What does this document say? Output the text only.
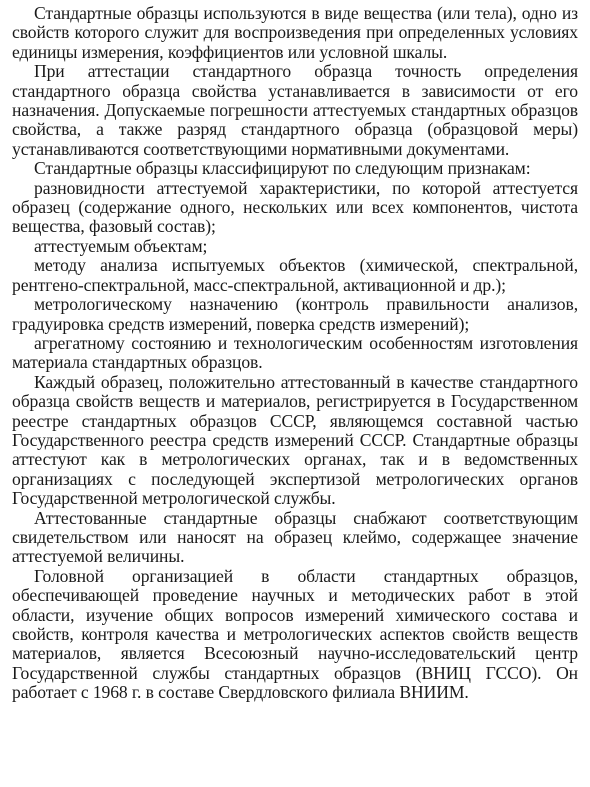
Стандартные образцы используются в виде вещества (или тела), одно из свойств которого служит для воспроизведения при определенных условиях единицы измерения, коэффициентов или условной шкалы.

При аттестации стандартного образца точность определения стандартного образца свойства устанавливается в зависимости от его назначения. Допускаемые погрешности аттестуемых стандартных образцов свойства, а также разряд стандартного образца (образцовой меры) устанавливаются соответствующими нормативными документами.

Стандартные образцы классифицируют по следующим признакам:

разновидности аттестуемой характеристики, по которой аттестуется образец (содержание одного, нескольких или всех компонентов, чистота вещества, фазовый состав);

аттестуемым объектам;

методу анализа испытуемых объектов (химической, спектральной, рентгено-спектральной, масс-спектральной, активационной и др.);

метрологическому назначению (контроль правильности анализов, градуировка средств измерений, поверка средств измерений);

агрегатному состоянию и технологическим особенностям изготовления материала стандартных образцов.

Каждый образец, положительно аттестованный в качестве стандартного образца свойств веществ и материалов, регистрируется в Государственном реестре стандартных образцов СССР, являющемся составной частью Государственного реестра средств измерений СССР. Стандартные образцы аттестуют как в метрологических органах, так и в ведомственных организациях с последующей экспертизой метрологических органов Государственной метрологической службы.

Аттестованные стандартные образцы снабжают соответствующим свидетельством или наносят на образец клеймо, содержащее значение аттестуемой величины.

Головной организацией в области стандартных образцов, обеспечивающей проведение научных и методических работ в этой области, изучение общих вопросов измерений химического состава и свойств, контроля качества и метрологических аспектов свойств веществ материалов, является Всесоюзный научно-исследовательский центр Государственной службы стандартных образцов (ВНИЦ ГССО). Он работает с 1968 г. в составе Свердловского филиала ВНИИМ.
